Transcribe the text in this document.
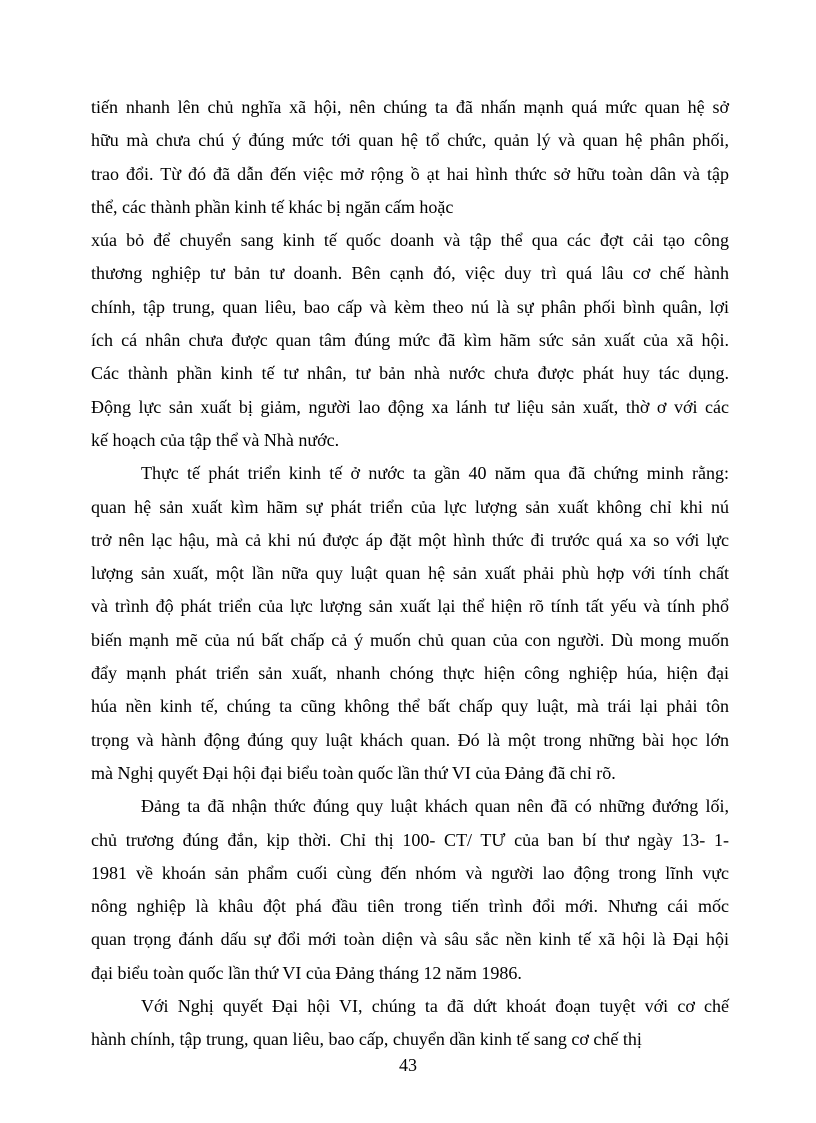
tiến nhanh lên chủ nghĩa xã hội, nên chúng ta đã nhấn mạnh quá mức quan hệ sở
hữu mà chưa chú ý đúng mức tới quan hệ tổ chức, quản lý và quan hệ phân phối,
trao đổi. Từ đó đã dẫn đến việc mở rộng ồ ạt hai hình thức sở hữu toàn dân và tập
thể, các thành phần kinh tế khác bị ngăn cấm hoặc
xúa bỏ để chuyển sang kinh tế quốc doanh và tập thể qua các đợt cải tạo công
thương nghiệp tư bản tư doanh. Bên cạnh đó, việc duy trì quá lâu cơ chế hành
chính, tập trung, quan liêu, bao cấp và kèm theo nú là sự phân phối bình quân, lợi
ích cá nhân chưa được quan tâm đúng mức đã kìm hãm sức sản xuất của xã hội.
Các thành phần kinh tế tư nhân, tư bản nhà nước chưa được phát huy tác dụng.
Động lực sản xuất bị giảm, người lao động xa lánh tư liệu sản xuất, thờ ơ với các
kế hoạch của tập thể và Nhà nước.
Thực tế phát triển kinh tế ở nước ta gần 40 năm qua đã chứng minh rằng:
quan hệ sản xuất kìm hãm sự phát triển của lực lượng sản xuất không chỉ khi nú
trở nên lạc hậu, mà cả khi nú được áp đặt một hình thức đi trước quá xa so với lực
lượng sản xuất, một lần nữa quy luật quan hệ sản xuất phải phù hợp với tính chất
và trình độ phát triển của lực lượng sản xuất lại thể hiện rõ tính tất yếu và tính phổ
biến mạnh mẽ của nú bất chấp cả ý muốn chủ quan của con người. Dù mong muốn
đẩy mạnh phát triển sản xuất, nhanh chóng thực hiện công nghiệp húa, hiện đại
húa nền kinh tế, chúng ta cũng không thể bất chấp quy luật, mà trái lại phải tôn
trọng và hành động đúng quy luật khách quan. Đó là một trong những bài học lớn
mà Nghị quyết Đại hội đại biểu toàn quốc lần thứ VI của Đảng đã chỉ rõ.
Đảng ta đã nhận thức đúng quy luật khách quan nên đã có những đướng lối,
chủ trương đúng đắn, kịp thời. Chỉ thị 100- CT/ TƯ của ban bí thư ngày 13- 1-
1981 về khoán sản phẩm cuối cùng đến nhóm và người lao động trong lĩnh vực
nông nghiệp là khâu đột phá đầu tiên trong tiến trình đổi mới. Nhưng cái mốc
quan trọng đánh dấu sự đổi mới toàn diện và sâu sắc nền kinh tế xã hội là Đại hội
đại biểu toàn quốc lần thứ VI của Đảng tháng 12 năm 1986.
Với Nghị quyết Đại hội VI, chúng ta đã dứt khoát đoạn tuyệt với cơ chế
hành chính, tập trung, quan liêu, bao cấp, chuyển dần kinh tế sang cơ chế thị
43
